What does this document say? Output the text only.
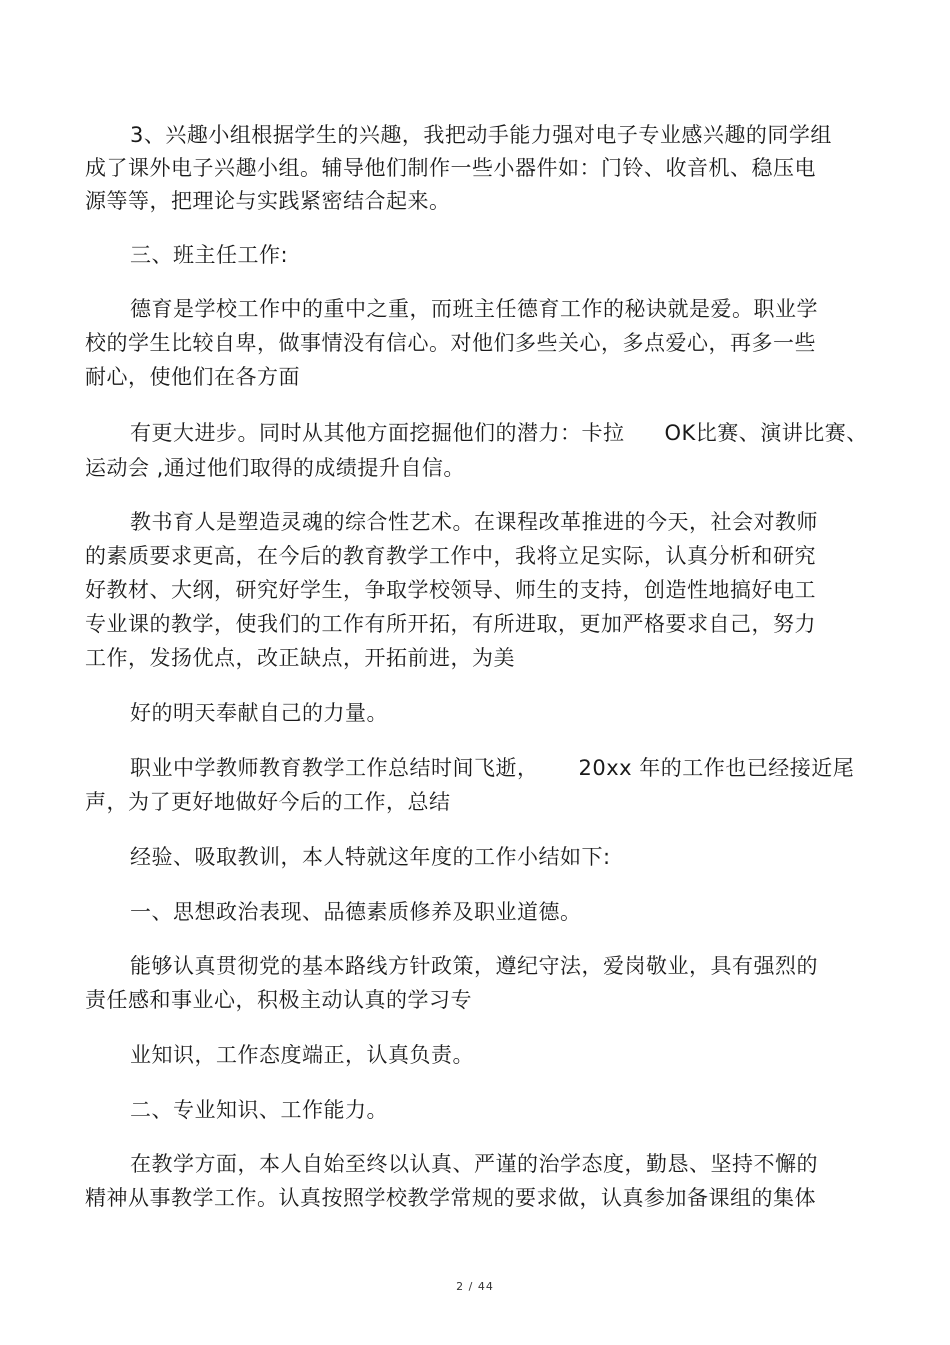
3、兴趣小组根据学生的兴趣，我把动手能力强对电子专业感兴趣的同学组
成了课外电子兴趣小组。辅导他们制作一些小器件如：门铃、收音机、稳压电
源等等，把理论与实践紧密结合起来。
三、班主任工作:
德育是学校工作中的重中之重，而班主任德育工作的秘诀就是爱。职业学
校的学生比较自卑，做事情没有信心。对他们多些关心，多点爱心，再多一些
耐心，使他们在各方面
有更大进步。同时从其他方面挖掘他们的潜力：卡拉 OK比赛、演讲比赛、
运动会 ,通过他们取得的成绩提升自信。
教书育人是塑造灵魂的综合性艺术。在课程改革推进的今天，社会对教师
的素质要求更高，在今后的教育教学工作中，我将立足实际，认真分析和研究
好教材、大纲，研究好学生，争取学校领导、师生的支持，创造性地搞好电工
专业课的教学，使我们的工作有所开拓，有所进取，更加严格要求自己，努力
工作，发扬优点，改正缺点，开拓前进，为美
好的明天奉献自己的力量。
职业中学教师教育教学工作总结时间飞逝， 20xx 年的工作也已经接近尾
声，为了更好地做好今后的工作，总结
经验、吸取教训，本人特就这年度的工作小结如下:
一、思想政治表现、品德素质修养及职业道德。
能够认真贯彻党的基本路线方针政策，遵纪守法，爱岗敬业，具有强烈的
责任感和事业心，积极主动认真的学习专
业知识，工作态度端正，认真负责。
二、专业知识、工作能力。
在教学方面，本人自始至终以认真、严谨的治学态度，勤恳、坚持不懈的
精神从事教学工作。认真按照学校教学常规的要求做，认真参加备课组的集体
2 / 44
